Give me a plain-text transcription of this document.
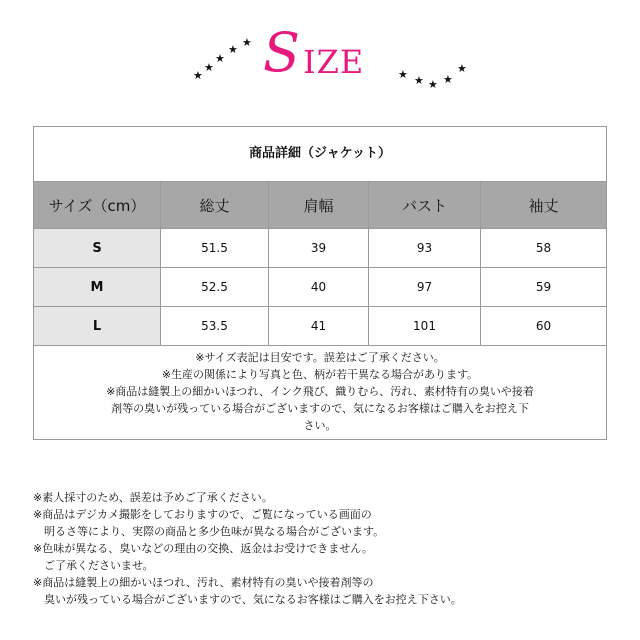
★
★
★
★
★ S IZE	★ ★ ★ ★
★
商品詳細（ジャケット）
サイズ（cm）	総丈	肩幅	バスト	袖丈
S	51.5	39	93	58
M	52.5	40	97	59
L	53.5	41	101	60
※サイズ表記は目安です。誤差はご了承ください。
※生産の関係により写真と色、柄が若干異なる場合があります。
※商品は縫製上の細かいほつれ、インク飛び、織りむら、汚れ、素材特有の臭いや接着
剤等の臭いが残っている場合がございますので、気になるお客様はご購入をお控え下
さい。
※素人採寸のため、誤差は予めご了承ください。
※商品はデジカメ撮影をしておりますので、ご覧になっている画面の
　明るさ等により、実際の商品と多少色味が異なる場合がございます。
※色味が異なる、臭いなどの理由の交換、返金はお受けできません。
　ご了承くださいませ。
※商品は縫製上の細かいほつれ、汚れ、素材特有の臭いや接着剤等の
　臭いが残っている場合がございますので、気になるお客様はご購入をお控え下さい。
